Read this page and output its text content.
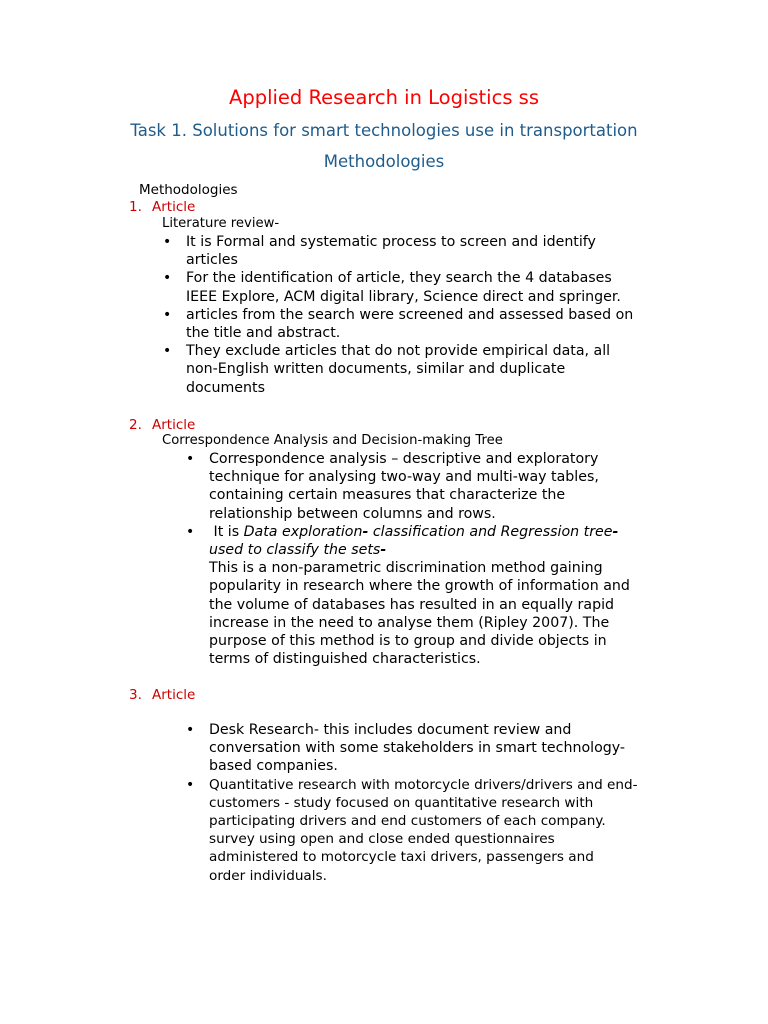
Applied Research in Logistics ss
Task 1. Solutions for smart technologies use in transportation
Methodologies
Methodologies
1. Article
Literature review-
• It is Formal and systematic process to screen and identify
articles
• For the identification of article, they search the 4 databases
IEEE Explore, ACM digital library, Science direct and springer.
• articles from the search were screened and assessed based on
the title and abstract.
• They exclude articles that do not provide empirical data, all
non-English written documents, similar and duplicate
documents
2. Article
Correspondence Analysis and Decision-making Tree
• Correspondence analysis – descriptive and exploratory
technique for analysing two-way and multi-way tables,
containing certain measures that characterize the
relationship between columns and rows.
• It is Data exploration- classification and Regression tree-
used to classify the sets-
This is a non-parametric discrimination method gaining
popularity in research where the growth of information and
the volume of databases has resulted in an equally rapid
increase in the need to analyse them (Ripley 2007). The
purpose of this method is to group and divide objects in
terms of distinguished characteristics.
3. Article
• Desk Research- this includes document review and
conversation with some stakeholders in smart technology-
based companies.
• Quantitative research with motorcycle drivers/drivers and end-
customers - study focused on quantitative research with
participating drivers and end customers of each company.
survey using open and close ended questionnaires
administered to motorcycle taxi drivers, passengers and
order individuals.
